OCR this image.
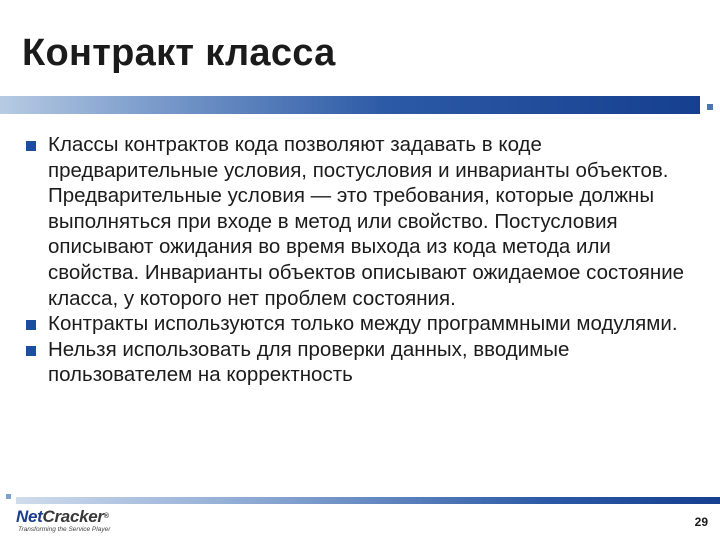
Контракт класса
Классы контрактов кода позволяют задавать в коде предварительные условия, постусловия и инварианты объектов. Предварительные условия — это требования, которые должны выполняться при входе в метод или свойство. Постусловия описывают ожидания во время выхода из кода метода или свойства. Инварианты объектов описывают ожидаемое состояние класса, у которого нет проблем состояния.
Контракты используются только между программными модулями.
Нельзя использовать для проверки данных, вводимые пользователем на корректность
NetCracker®
Transforming the Service Player
29
